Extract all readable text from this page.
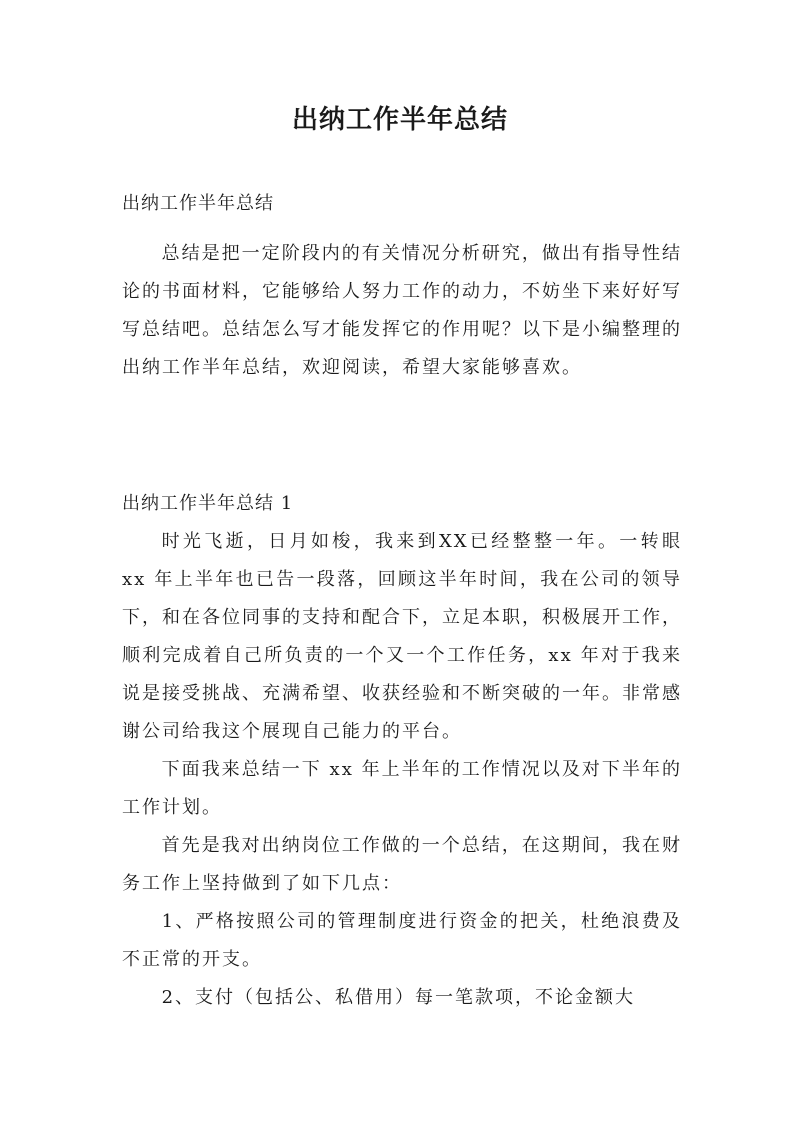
出纳工作半年总结
出纳工作半年总结

总结是把一定阶段内的有关情况分析研究，做出有指导性结论的书面材料，它能够给人努力工作的动力，不妨坐下来好好写写总结吧。总结怎么写才能发挥它的作用呢？以下是小编整理的出纳工作半年总结，欢迎阅读，希望大家能够喜欢。

出纳工作半年总结 1

时光飞逝，日月如梭，我来到XX已经整整一年。一转眼 xx 年上半年也已告一段落，回顾这半年时间，我在公司的领导下，和在各位同事的支持和配合下，立足本职，积极展开工作，顺利完成着自己所负责的一个又一个工作任务，xx 年对于我来说是接受挑战、充满希望、收获经验和不断突破的一年。非常感谢公司给我这个展现自己能力的平台。

下面我来总结一下 xx 年上半年的工作情况以及对下半年的工作计划。

首先是我对出纳岗位工作做的一个总结，在这期间，我在财务工作上坚持做到了如下几点：

1、严格按照公司的管理制度进行资金的把关，杜绝浪费及不正常的开支。

2、支付（包括公、私借用）每一笔款项，不论金额大
